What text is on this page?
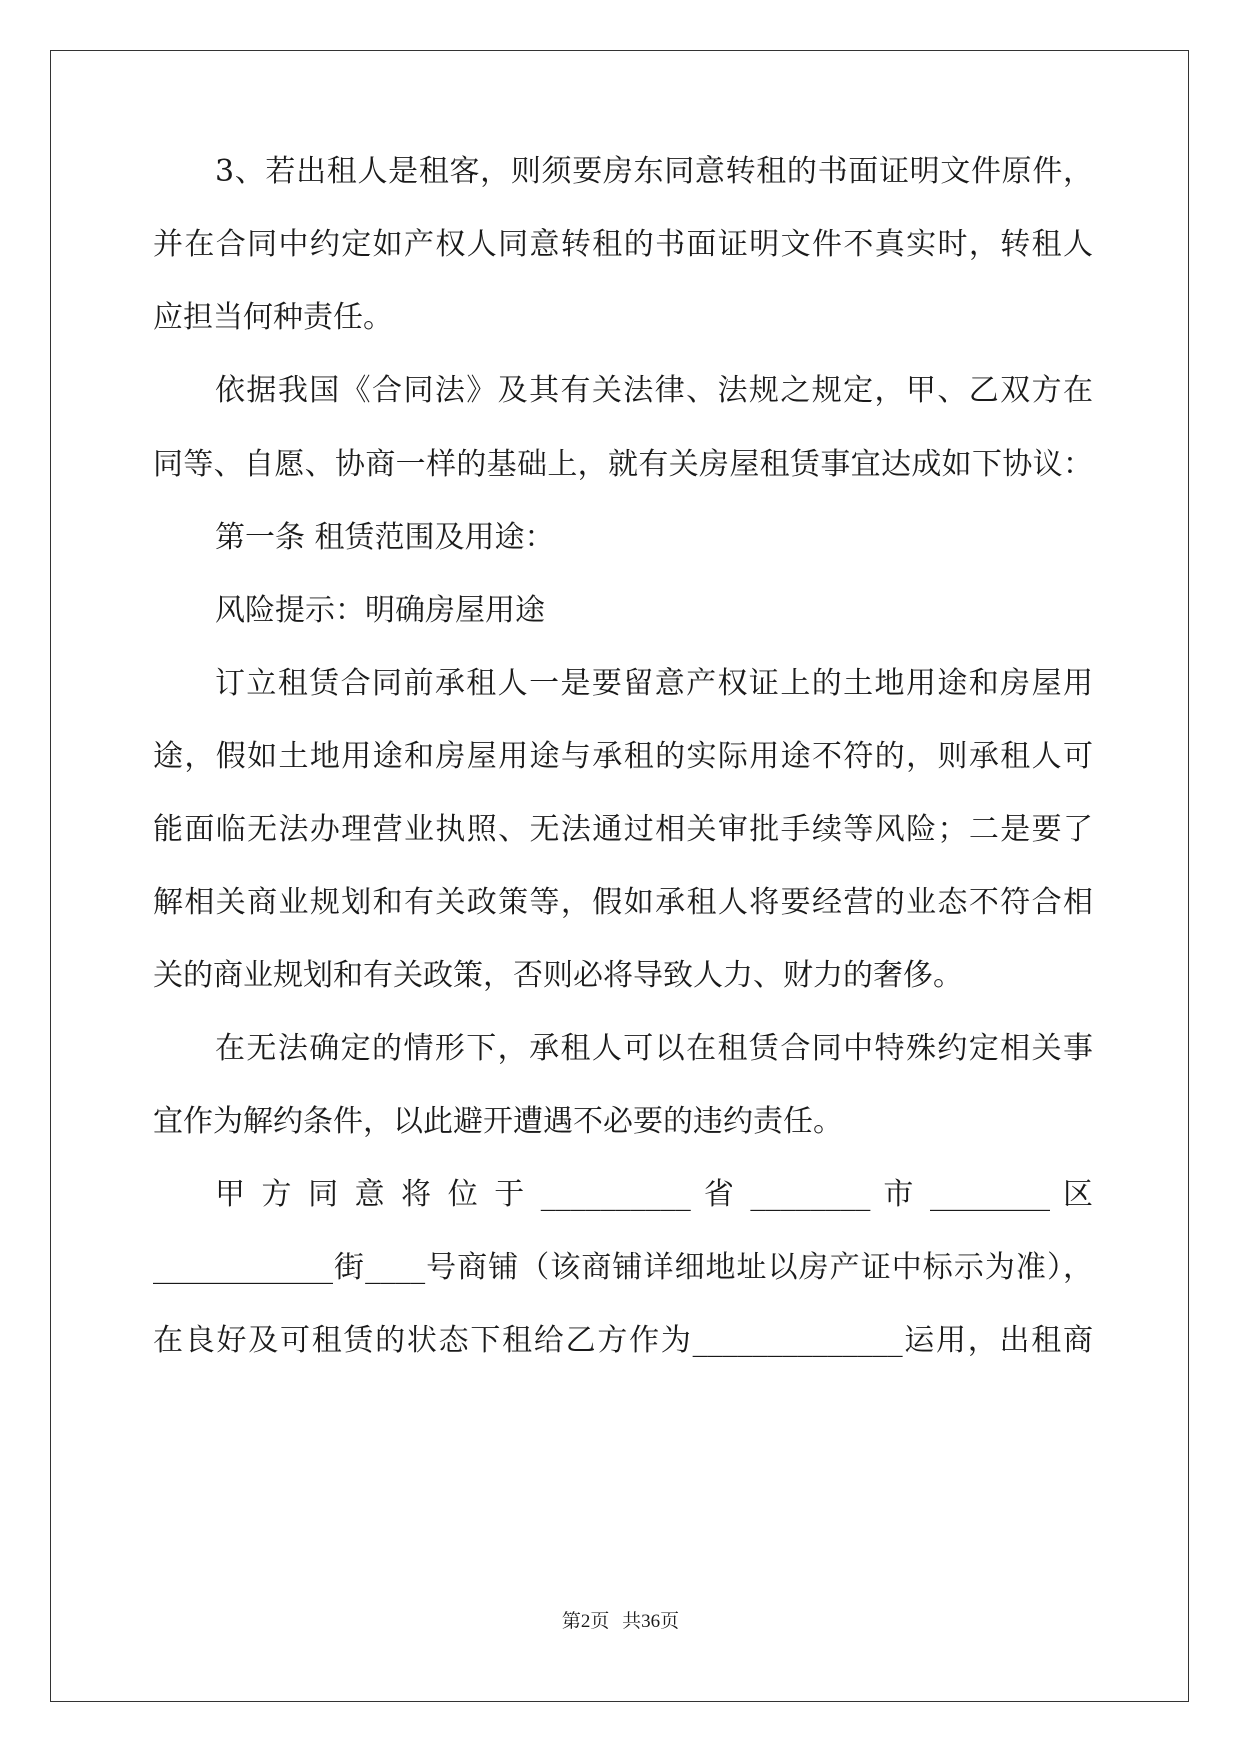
3、若出租人是租客，则须要房东同意转租的书面证明文件原件，
并在合同中约定如产权人同意转租的书面证明文件不真实时，转租人
应担当何种责任。
依据我国《合同法》及其有关法律、法规之规定，甲、乙双方在
同等、自愿、协商一样的基础上，就有关房屋租赁事宜达成如下协议：
第一条 租赁范围及用途：
风险提示：明确房屋用途
订立租赁合同前承租人一是要留意产权证上的土地用途和房屋用
途，假如土地用途和房屋用途与承租的实际用途不符的，则承租人可
能面临无法办理营业执照、无法通过相关审批手续等风险；二是要了
解相关商业规划和有关政策等，假如承租人将要经营的业态不符合相
关的商业规划和有关政策，否则必将导致人力、财力的奢侈。
在无法确定的情形下，承租人可以在租赁合同中特殊约定相关事
宜作为解约条件，以此避开遭遇不必要的违约责任。
甲 方 同 意 将 位 于 __________ 省 ________ 市 ________ 区
____________街____号商铺（该商铺详细地址以房产证中标示为准），
在良好及可租赁的状态下租给乙方作为______________运用，出租商
第2页 共36页
